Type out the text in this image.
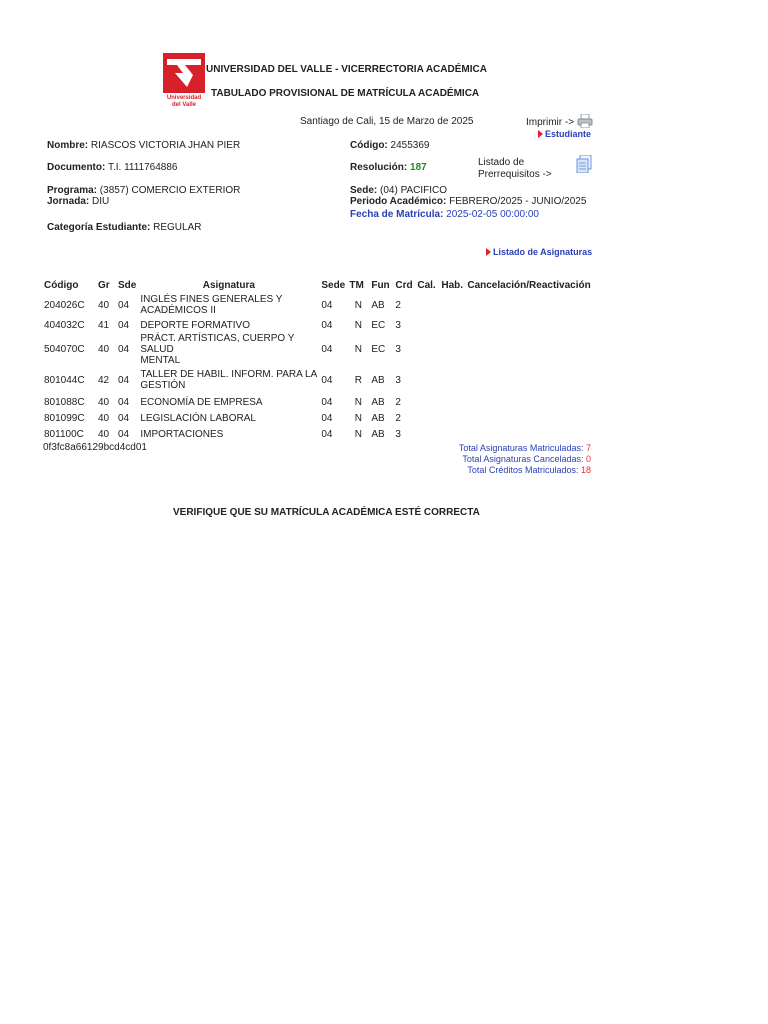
Universidad
del Valle
UNIVERSIDAD DEL VALLE - VICERRECTORIA ACADÉMICA
TABULADO PROVISIONAL DE MATRÍCULA ACADÉMICA
Santiago de Cali, 15 de Marzo de 2025	Imprimir ->
Estudiante
Nombre: RIASCOS VICTORIA JHAN PIER
Documento: T.I. 1111764886
Programa: (3857) COMERCIO EXTERIOR
Jornada: DIU
Categoría Estudiante: REGULAR
Código: 2455369
Resolución: 187	Listado de
Prerrequisitos ->
Sede: (04) PACIFICO
Periodo Académico: FEBRERO/2025 - JUNIO/2025
Fecha de Matrícula: 2025-02-05 00:00:00
Listado de Asignaturas
Código	Gr	Sde	Asignatura	Sede	TM	Fun	Crd	Cal.	Hab.	Cancelación/Reactivación
204026C	40	04	INGLÉS FINES GENERALES Y
ACADÉMICOS II	04	N	AB	2			
404032C	41	04	DEPORTE FORMATIVO	04	N	EC	3			
504070C	40	04	PRÁCT. ARTÍSTICAS, CUERPO Y SALUD
MENTAL	04	N	EC	3			
801044C	42	04	TALLER DE HABIL. INFORM. PARA LA
GESTIÓN	04	R	AB	3			
801088C	40	04	ECONOMÍA DE EMPRESA	04	N	AB	2			
801099C	40	04	LEGISLACIÓN LABORAL	04	N	AB	2			
801100C	40	04	IMPORTACIONES	04	N	AB	3			
0f3fc8a66129bcd4cd01	Total Asignaturas Matriculadas: 7
Total Asignaturas Canceladas: 0
Total Créditos Matriculados: 18
VERIFIQUE QUE SU MATRÍCULA ACADÉMICA ESTÉ CORRECTA
